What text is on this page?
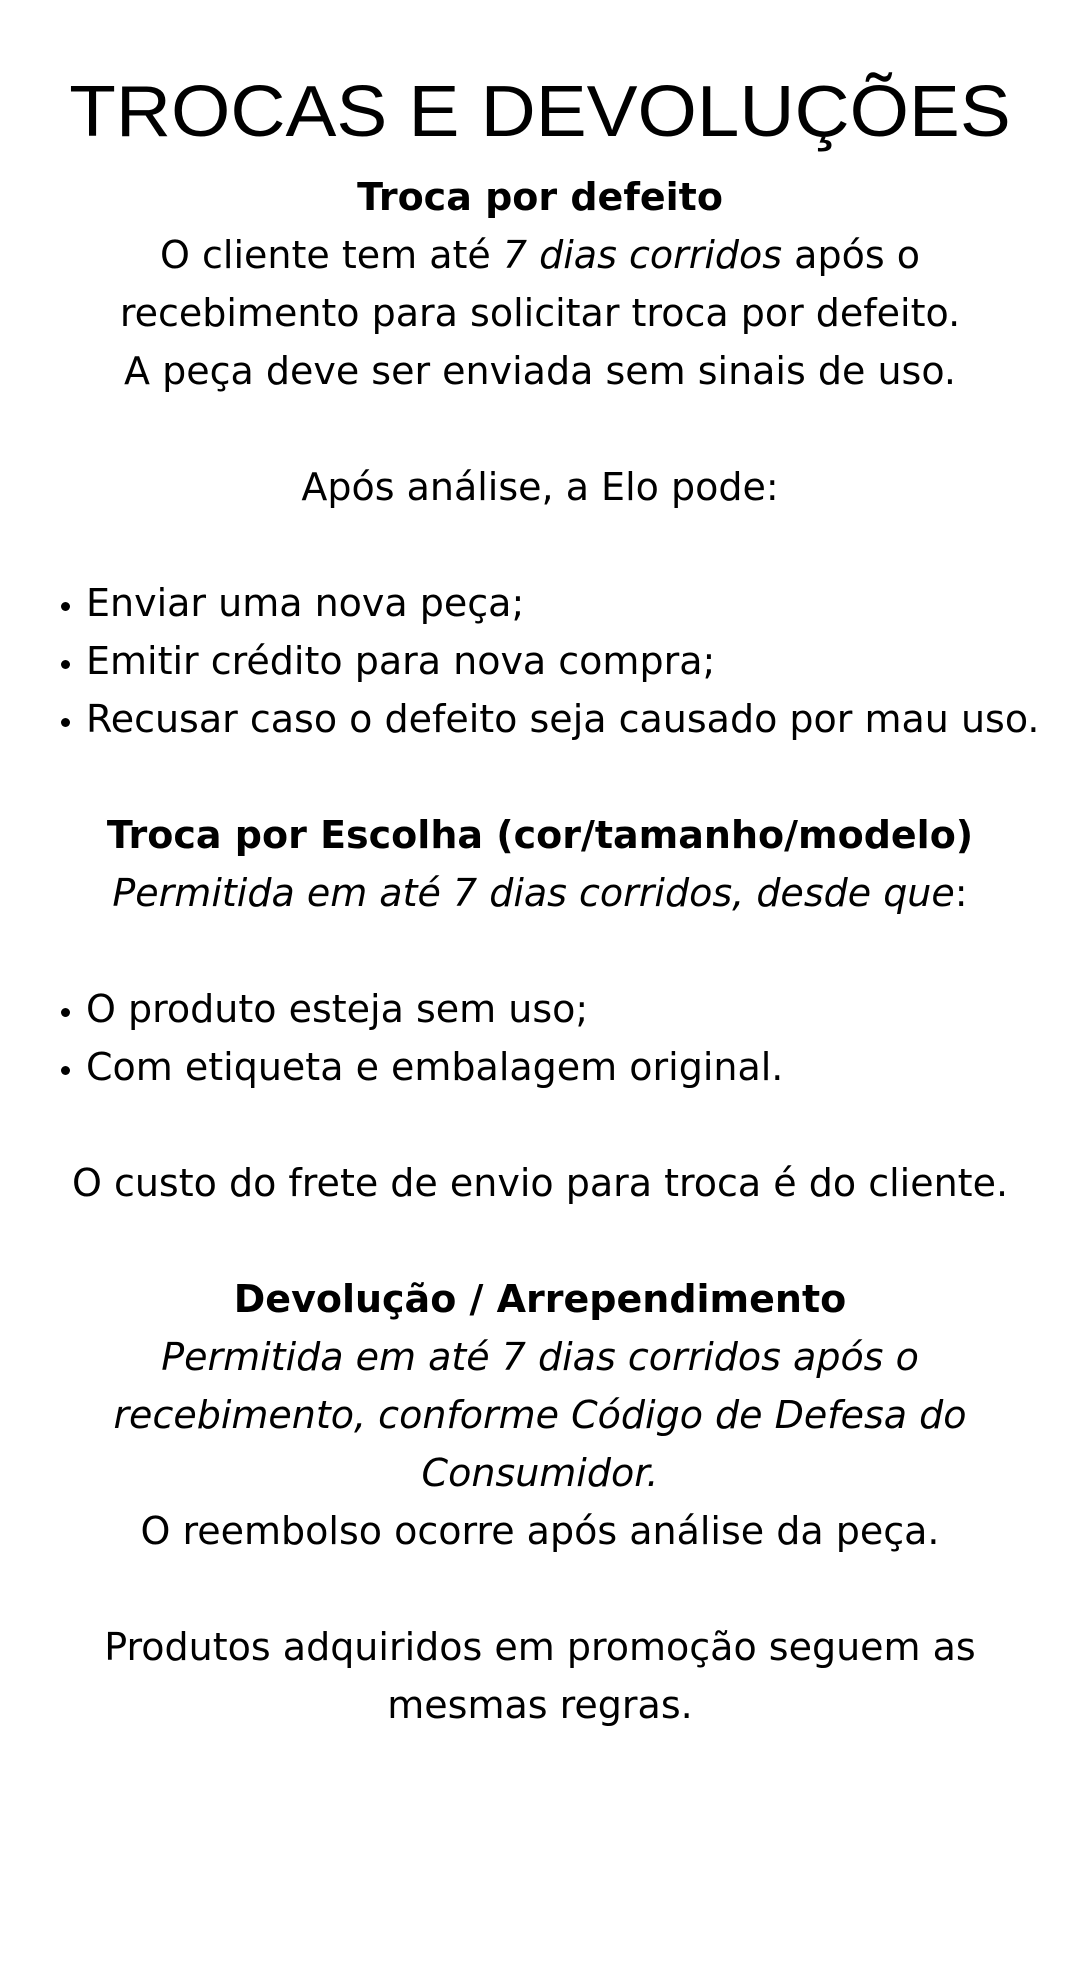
TROCAS E DEVOLUÇÕES

Troca por defeito

O cliente tem até 7 dias corridos após o

recebimento para solicitar troca por defeito.

A peça deve ser enviada sem sinais de uso.

Após análise, a Elo pode:

• Enviar uma nova peça;
• Emitir crédito para nova compra;
• Recusar caso o defeito seja causado por mau uso.

Troca por Escolha (cor/tamanho/modelo)

Permitida em até 7 dias corridos, desde que:

• O produto esteja sem uso;
• Com etiqueta e embalagem original.

O custo do frete de envio para troca é do cliente.

Devolução / Arrependimento

Permitida em até 7 dias corridos após o

recebimento, conforme Código de Defesa do

Consumidor.

O reembolso ocorre após análise da peça.

Produtos adquiridos em promoção seguem as

mesmas regras.
